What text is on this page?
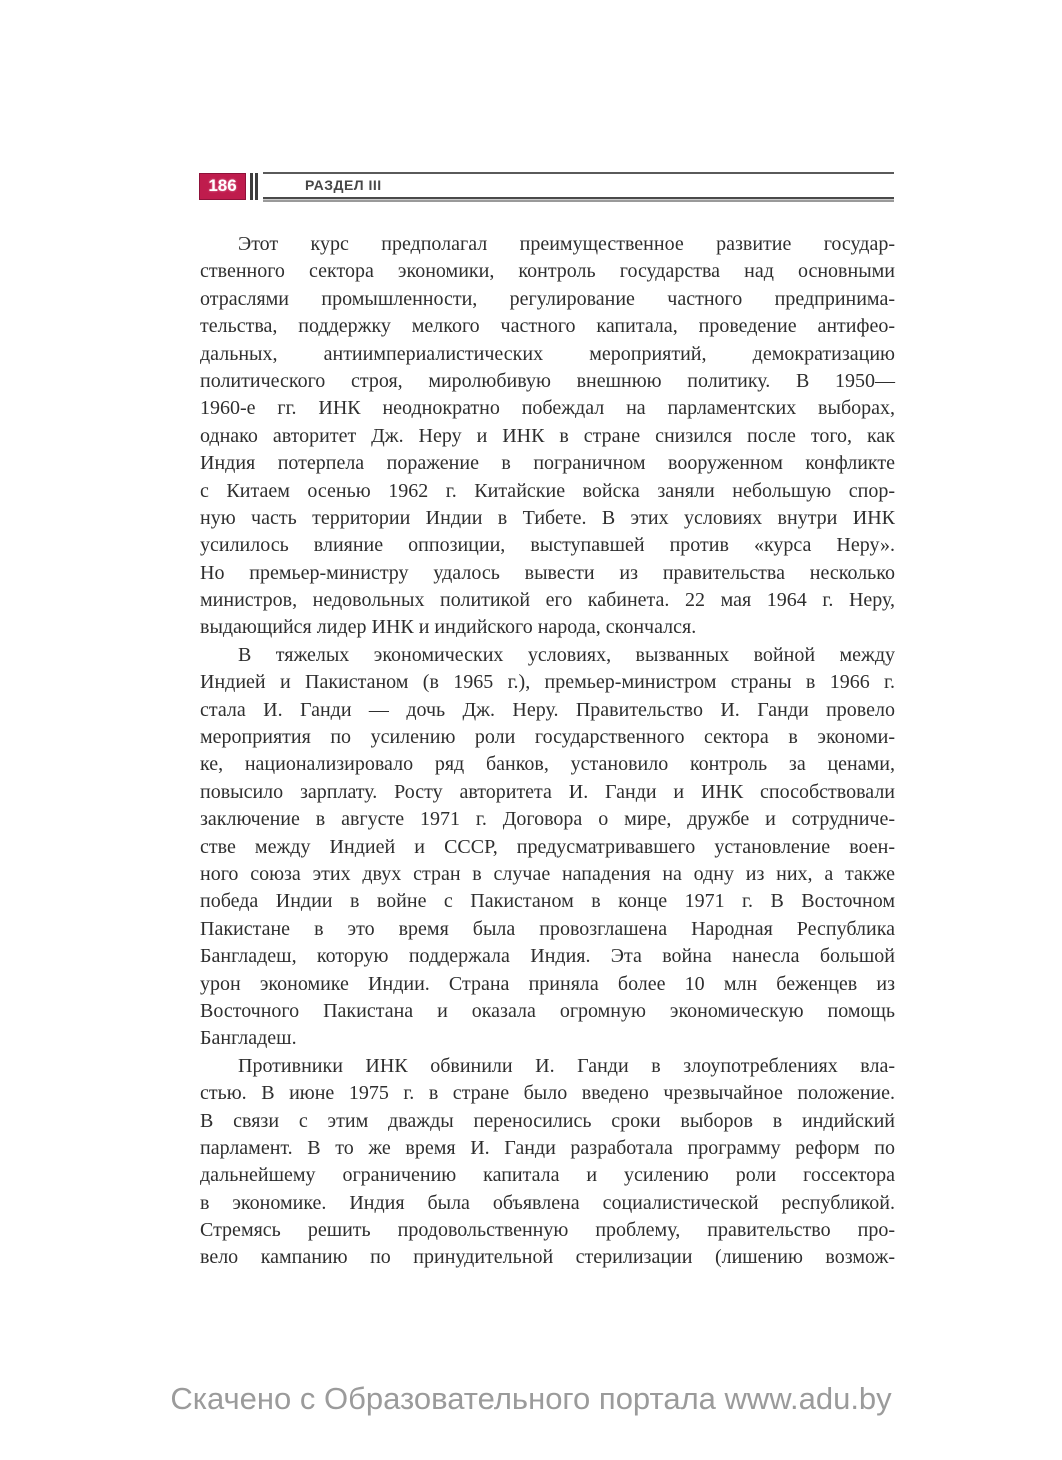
186	РАЗДЕЛ III
Этот курс предполагал преимущественное развитие государ-
ственного сектора экономики, контроль государства над основными
отраслями промышленности, регулирование частного предпринима-
тельства, поддержку мелкого частного капитала, проведение антифео-
дальных, антиимпериалистических мероприятий, демократизацию
политического строя, миролюбивую внешнюю политику. В 1950—
1960-е гг. ИНК неоднократно побеждал на парламентских выборах,
однако авторитет Дж. Неру и ИНК в стране снизился после того, как
Индия потерпела поражение в пограничном вооруженном конфликте
с Китаем осенью 1962 г. Китайские войска заняли небольшую спор-
ную часть территории Индии в Тибете. В этих условиях внутри ИНК
усилилось влияние оппозиции, выступавшей против «курса Неру».
Но премьер-министру удалось вывести из правительства несколько
министров, недовольных политикой его кабинета. 22 мая 1964 г. Неру,
выдающийся лидер ИНК и индийского народа, скончался.
В тяжелых экономических условиях, вызванных войной между
Индией и Пакистаном (в 1965 г.), премьер-министром страны в 1966 г.
стала И. Ганди — дочь Дж. Неру. Правительство И. Ганди провело
мероприятия по усилению роли государственного сектора в экономи-
ке, национализировало ряд банков, установило контроль за ценами,
повысило зарплату. Росту авторитета И. Ганди и ИНК способствовали
заключение в августе 1971 г. Договора о мире, дружбе и сотрудниче-
стве между Индией и СССР, предусматривавшего установление воен-
ного союза этих двух стран в случае нападения на одну из них, а также
победа Индии в войне с Пакистаном в конце 1971 г. В Восточном
Пакистане в это время была провозглашена Народная Республика
Бангладеш, которую поддержала Индия. Эта война нанесла большой
урон экономике Индии. Страна приняла более 10 млн беженцев из
Восточного Пакистана и оказала огромную экономическую помощь
Бангладеш.
Противники ИНК обвинили И. Ганди в злоупотреблениях вла-
стью. В июне 1975 г. в стране было введено чрезвычайное положение.
В связи с этим дважды переносились сроки выборов в индийский
парламент. В то же время И. Ганди разработала программу реформ по
дальнейшему ограничению капитала и усилению роли госсектора
в экономике. Индия была объявлена социалистической республикой.
Стремясь решить продовольственную проблему, правительство про-
вело кампанию по принудительной стерилизации (лишению возмож-
Скачено с Образовательного портала www.adu.by
